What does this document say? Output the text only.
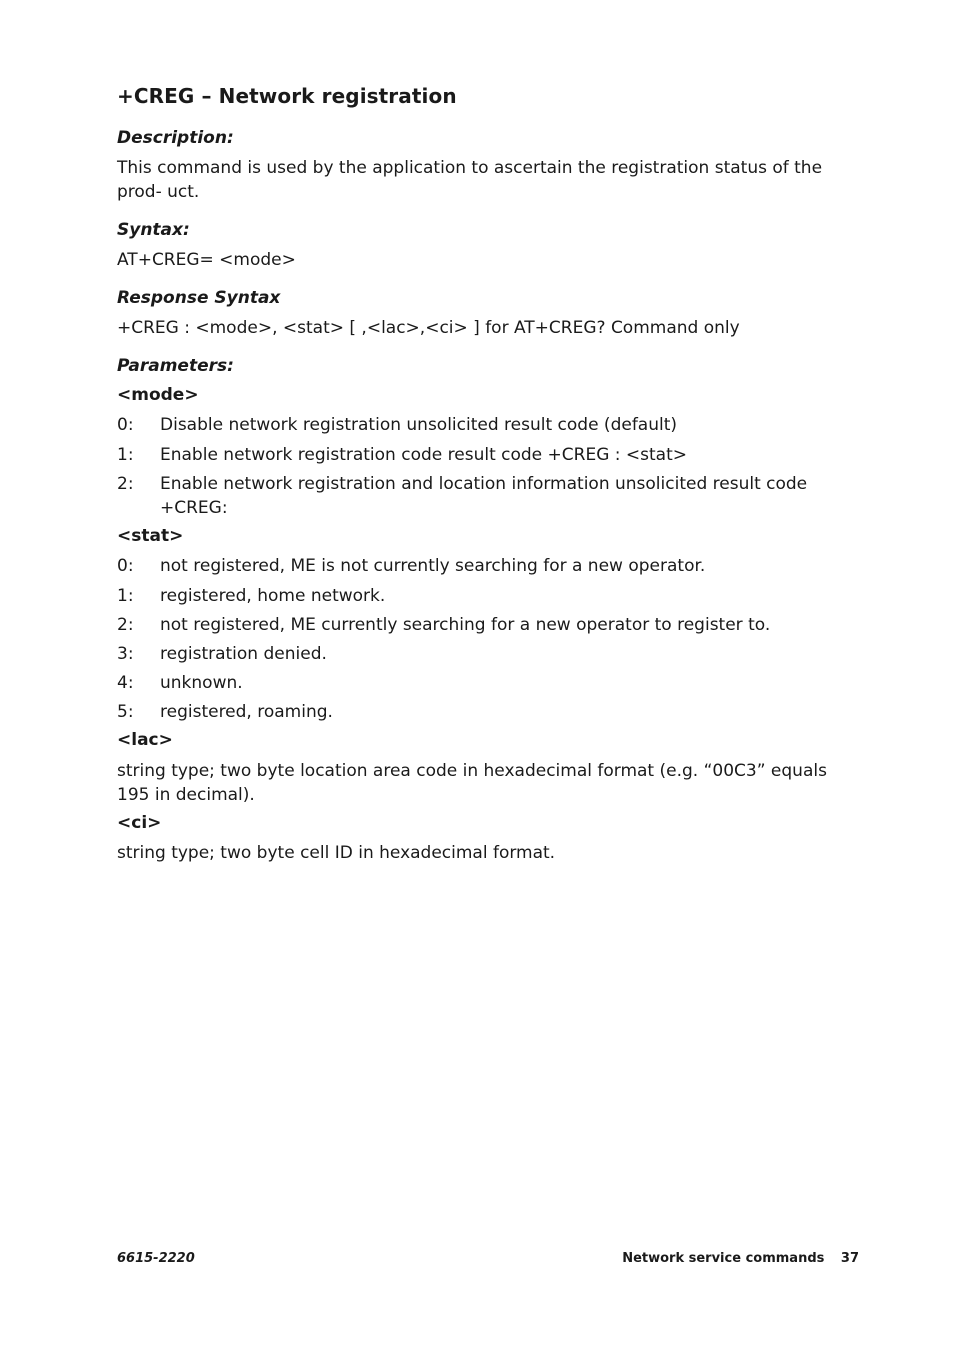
+CREG – Network registration
Description:
This command is used by the application to ascertain the registration status of the prod- uct.
Syntax:
AT+CREG= <mode>
Response Syntax
+CREG : <mode>, <stat> [ ,<lac>,<ci> ] for AT+CREG? Command only
Parameters:
<mode>
0:	Disable network registration unsolicited result code (default)
1:	Enable network registration code result code +CREG : <stat>
2:	Enable network registration and location information unsolicited result code +CREG:
<stat>
0:	not registered, ME is not currently searching for a new operator.
1:	registered, home network.
2:	not registered, ME currently searching for a new operator to register to.
3:	registration denied.
4:	unknown.
5:	registered, roaming.
<lac>
string type; two byte location area code in hexadecimal format (e.g. “00C3” equals 195 in decimal).
<ci>
string type; two byte cell ID in hexadecimal format.
6615-2220	Network service commands 37
